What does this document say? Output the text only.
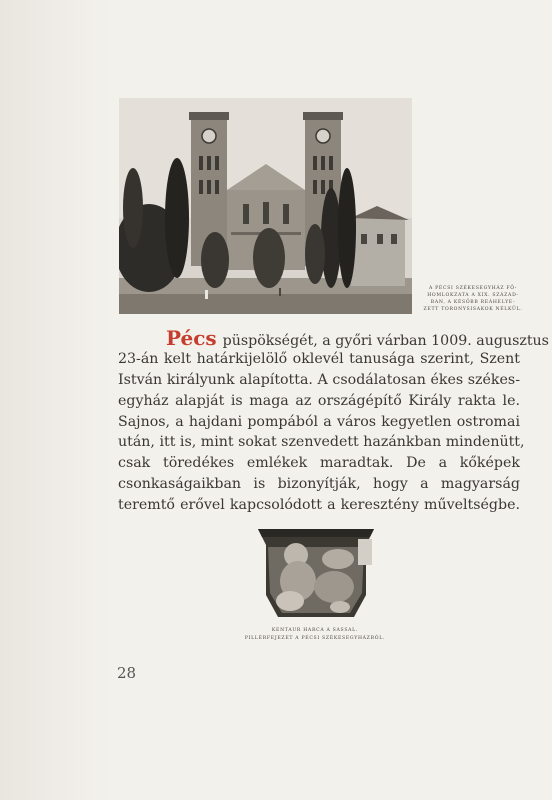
A PÉCSI SZÉKESEGYHÁZ FŐ-
HOMLOKZATA A XIX. SZÁZAD-
BAN, A KÉSŐBB REÁHELYE-
ZETT TORONYSISAKOK NÉLKÜL.
Pécs püspökségét, a győri várban 1009. augusztus
23-án kelt határkijelölő oklevél tanusága szerint, Szent
István királyunk alapította. A csodálatosan ékes székes-
egyház alapját is maga az országépítő Király rakta le.
Sajnos, a hajdani pompából a város kegyetlen ostromai
után, itt is, mint sokat szenvedett hazánkban mindenütt,
csak töredékes emlékek maradtak. De a kőképek
csonkaságaikban is bizonyítják, hogy a magyarság
teremtő erővel kapcsolódott a keresztény műveltségbe.
KENTAUR HARCA A SASSAL.
PILLÉRFEJEZET A PÉCSI SZÉKESEGYHÁZBÓL.
28
